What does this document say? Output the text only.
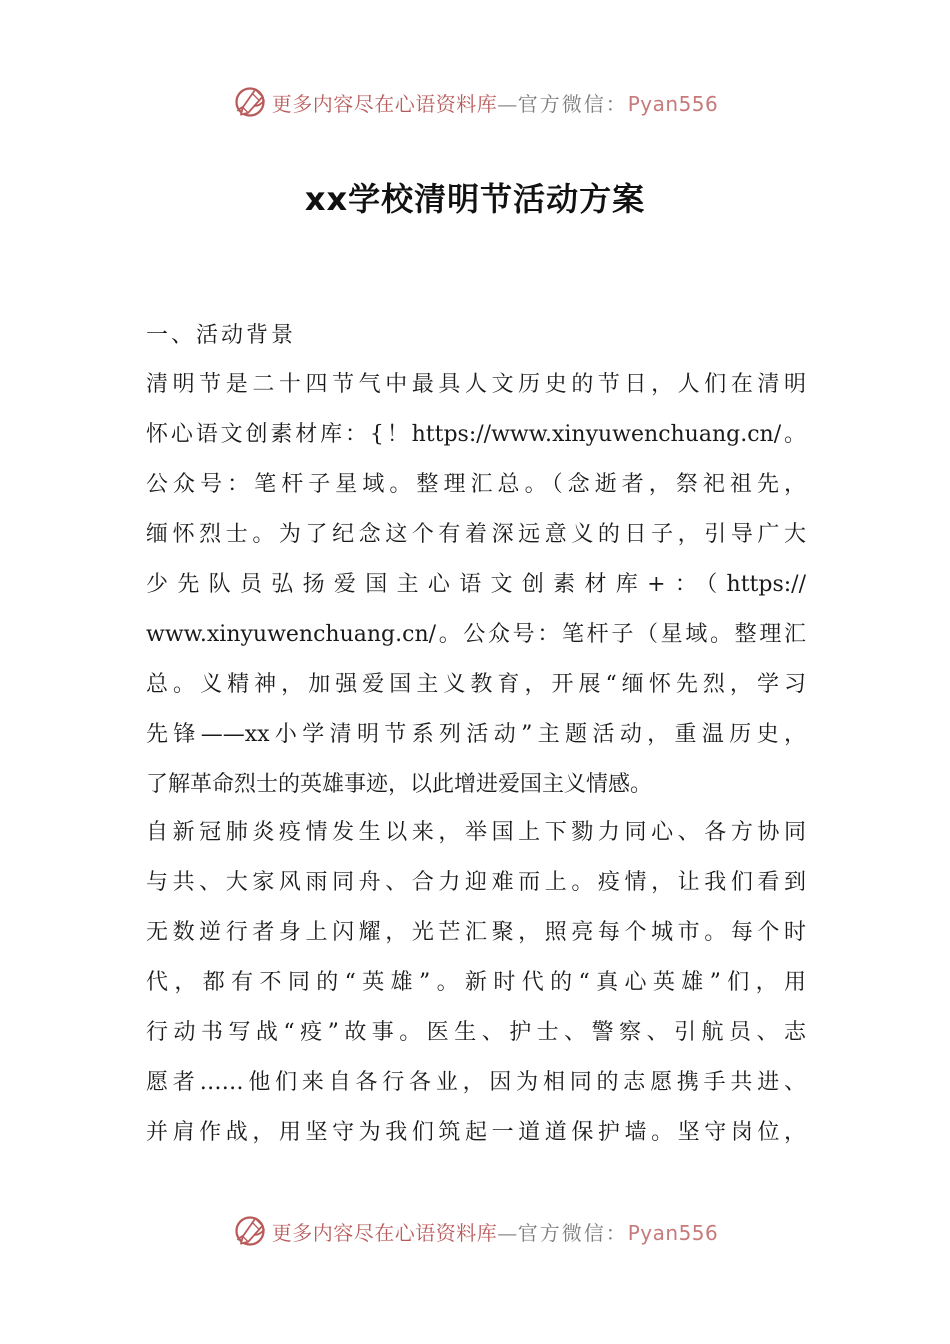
更多内容尽在心语资料库—官方微信：Pyan556
xx学校清明节活动方案
一、活动背景
清明节是二十四节气中最具人文历史的节日，人们在清明
怀心语文创素材库：{！https://www.xinyuwenchuang.cn/。
公众号：笔杆子星域。整理汇总。（念逝者，祭祀祖先，
缅怀烈士。为了纪念这个有着深远意义的日子，引导广大
少先队员弘扬爱国主心语文创素材库+：（https://
www.xinyuwenchuang.cn/。公众号：笔杆子（星域。整理汇
总。义精神，加强爱国主义教育，开展“缅怀先烈，学习
先锋——xx小学清明节系列活动”主题活动，重温历史，
了解革命烈士的英雄事迹，以此增进爱国主义情感。
自新冠肺炎疫情发生以来，举国上下勠力同心、各方协同
与共、大家风雨同舟、合力迎难而上。疫情，让我们看到
无数逆行者身上闪耀，光芒汇聚，照亮每个城市。每个时
代，都有不同的“英雄”。新时代的“真心英雄”们，用
行动书写战“疫”故事。医生、护士、警察、引航员、志
愿者……他们来自各行各业，因为相同的志愿携手共进、
并肩作战，用坚守为我们筑起一道道保护墙。坚守岗位，
更多内容尽在心语资料库—官方微信：Pyan556
